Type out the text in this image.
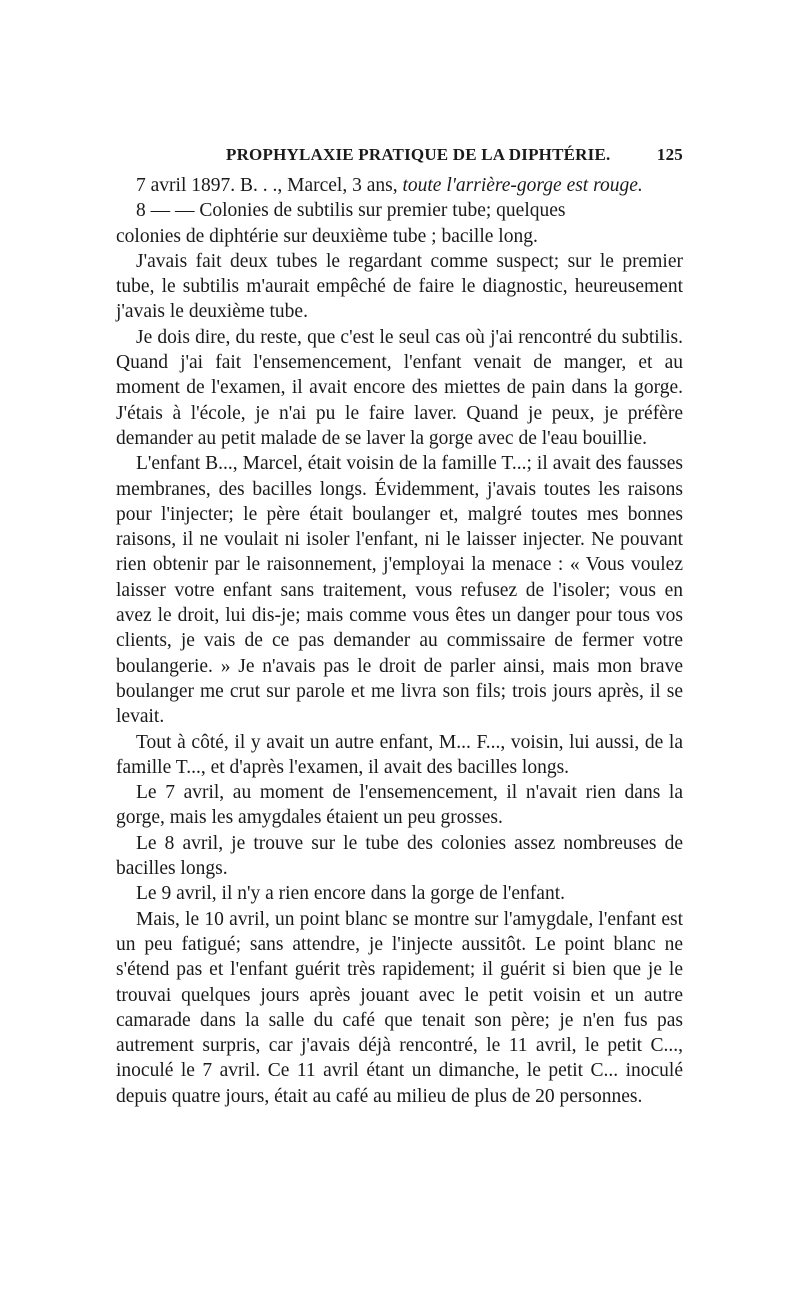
PROPHYLAXIE PRATIQUE DE LA DIPHTÉRIE.	125

7 avril 1897. B. . ., Marcel, 3 ans, toute l'arrière-gorge est rouge.

8 — — Colonies de subtilis sur premier tube; quelques

colonies de diphtérie sur deuxième tube ; bacille long.

J'avais fait deux tubes le regardant comme suspect; sur le premier tube, le subtilis m'aurait empêché de faire le diagnostic, heureusement j'avais le deuxième tube.

Je dois dire, du reste, que c'est le seul cas où j'ai rencontré du subtilis. Quand j'ai fait l'ensemencement, l'enfant venait de manger, et au moment de l'examen, il avait encore des miettes de pain dans la gorge. J'étais à l'école, je n'ai pu le faire laver. Quand je peux, je préfère demander au petit malade de se laver la gorge avec de l'eau bouillie.

L'enfant B..., Marcel, était voisin de la famille T...; il avait des fausses membranes, des bacilles longs. Évidemment, j'avais toutes les raisons pour l'injecter; le père était boulanger et, malgré toutes mes bonnes raisons, il ne voulait ni isoler l'enfant, ni le laisser injecter. Ne pouvant rien obtenir par le raisonnement, j'employai la menace : « Vous voulez laisser votre enfant sans traitement, vous refusez de l'isoler; vous en avez le droit, lui dis-je; mais comme vous êtes un danger pour tous vos clients, je vais de ce pas demander au commissaire de fermer votre boulangerie. » Je n'avais pas le droit de parler ainsi, mais mon brave boulanger me crut sur parole et me livra son fils; trois jours après, il se levait.

Tout à côté, il y avait un autre enfant, M... F..., voisin, lui aussi, de la famille T..., et d'après l'examen, il avait des bacilles longs.

Le 7 avril, au moment de l'ensemencement, il n'avait rien dans la gorge, mais les amygdales étaient un peu grosses.

Le 8 avril, je trouve sur le tube des colonies assez nombreuses de bacilles longs.

Le 9 avril, il n'y a rien encore dans la gorge de l'enfant.

Mais, le 10 avril, un point blanc se montre sur l'amygdale, l'enfant est un peu fatigué; sans attendre, je l'injecte aussitôt. Le point blanc ne s'étend pas et l'enfant guérit très rapidement; il guérit si bien que je le trouvai quelques jours après jouant avec le petit voisin et un autre camarade dans la salle du café que tenait son père; je n'en fus pas autrement surpris, car j'avais déjà rencontré, le 11 avril, le petit C..., inoculé le 7 avril. Ce 11 avril étant un dimanche, le petit C... inoculé depuis quatre jours, était au café au milieu de plus de 20 personnes.
